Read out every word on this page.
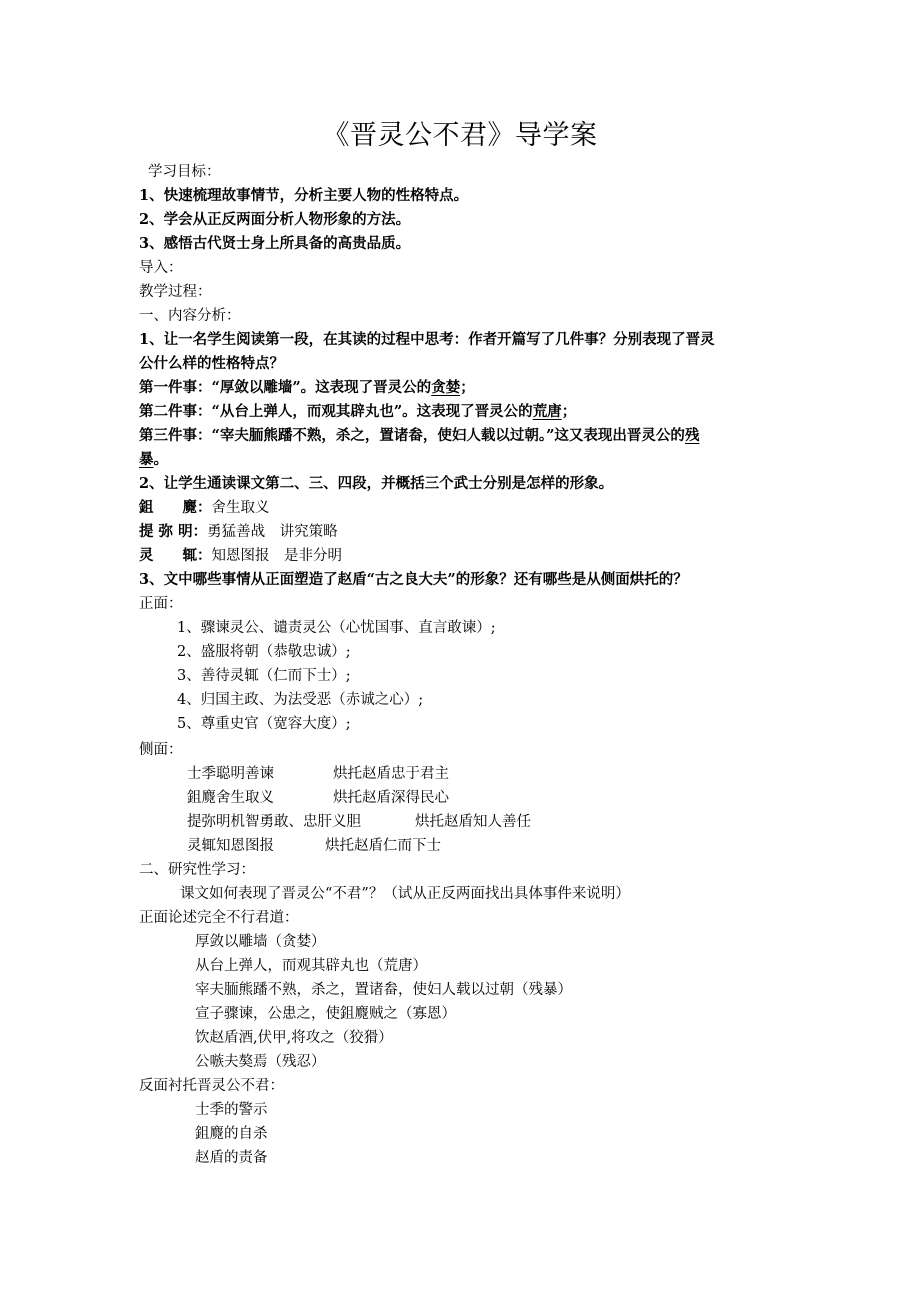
《晋灵公不君》导学案
学习目标：
1、快速梳理故事情节，分析主要人物的性格特点。
2、学会从正反两面分析人物形象的方法。
3、感悟古代贤士身上所具备的高贵品质。
导入：
教学过程：
一、内容分析：
1、让一名学生阅读第一段，在其读的过程中思考：作者开篇写了几件事？分别表现了晋灵
公什么样的性格特点？
第一件事：“厚敛以雕墙”。这表现了晋灵公的贪婪；
第二件事：“从台上弹人，而观其辟丸也”。这表现了晋灵公的荒唐；
第三件事：“宰夫胹熊蹯不熟，杀之，置诸畚，使妇人载以过朝。”这又表现出晋灵公的残
暴。
2、让学生通读课文第二、三、四段，并概括三个武士分别是怎样的形象。
鉏　　麑：舍生取义
提 弥 明：勇猛善战　讲究策略
灵　　辄：知恩图报　是非分明
3、文中哪些事情从正面塑造了赵盾“古之良大夫”的形象？还有哪些是从侧面烘托的？
正面：
1、骤谏灵公、谴责灵公（心忧国事、直言敢谏）;
2、盛服将朝（恭敬忠诚）;
3、善待灵辄（仁而下士）;
4、归国主政、为法受恶（赤诚之心）;
5、尊重史官（宽容大度）;
侧面：
士季聪明善谏	烘托赵盾忠于君主
鉏麑舍生取义	烘托赵盾深得民心
提弥明机智勇敢、忠肝义胆	烘托赵盾知人善任
灵辄知恩图报	烘托赵盾仁而下士
二、研究性学习：
课文如何表现了晋灵公“不君”？（试从正反两面找出具体事件来说明）
正面论述完全不行君道：
厚敛以雕墙（贪婪）
从台上弹人，而观其辟丸也（荒唐）
宰夫胹熊蹯不熟，杀之，置诸畚，使妇人载以过朝（残暴）
宣子骤谏，公患之，使鉏麑贼之（寡恩）
饮赵盾酒,伏甲,将攻之（狡猾）
公嗾夫獒焉（残忍）
反面衬托晋灵公不君：
士季的警示
鉏麑的自杀
赵盾的责备
